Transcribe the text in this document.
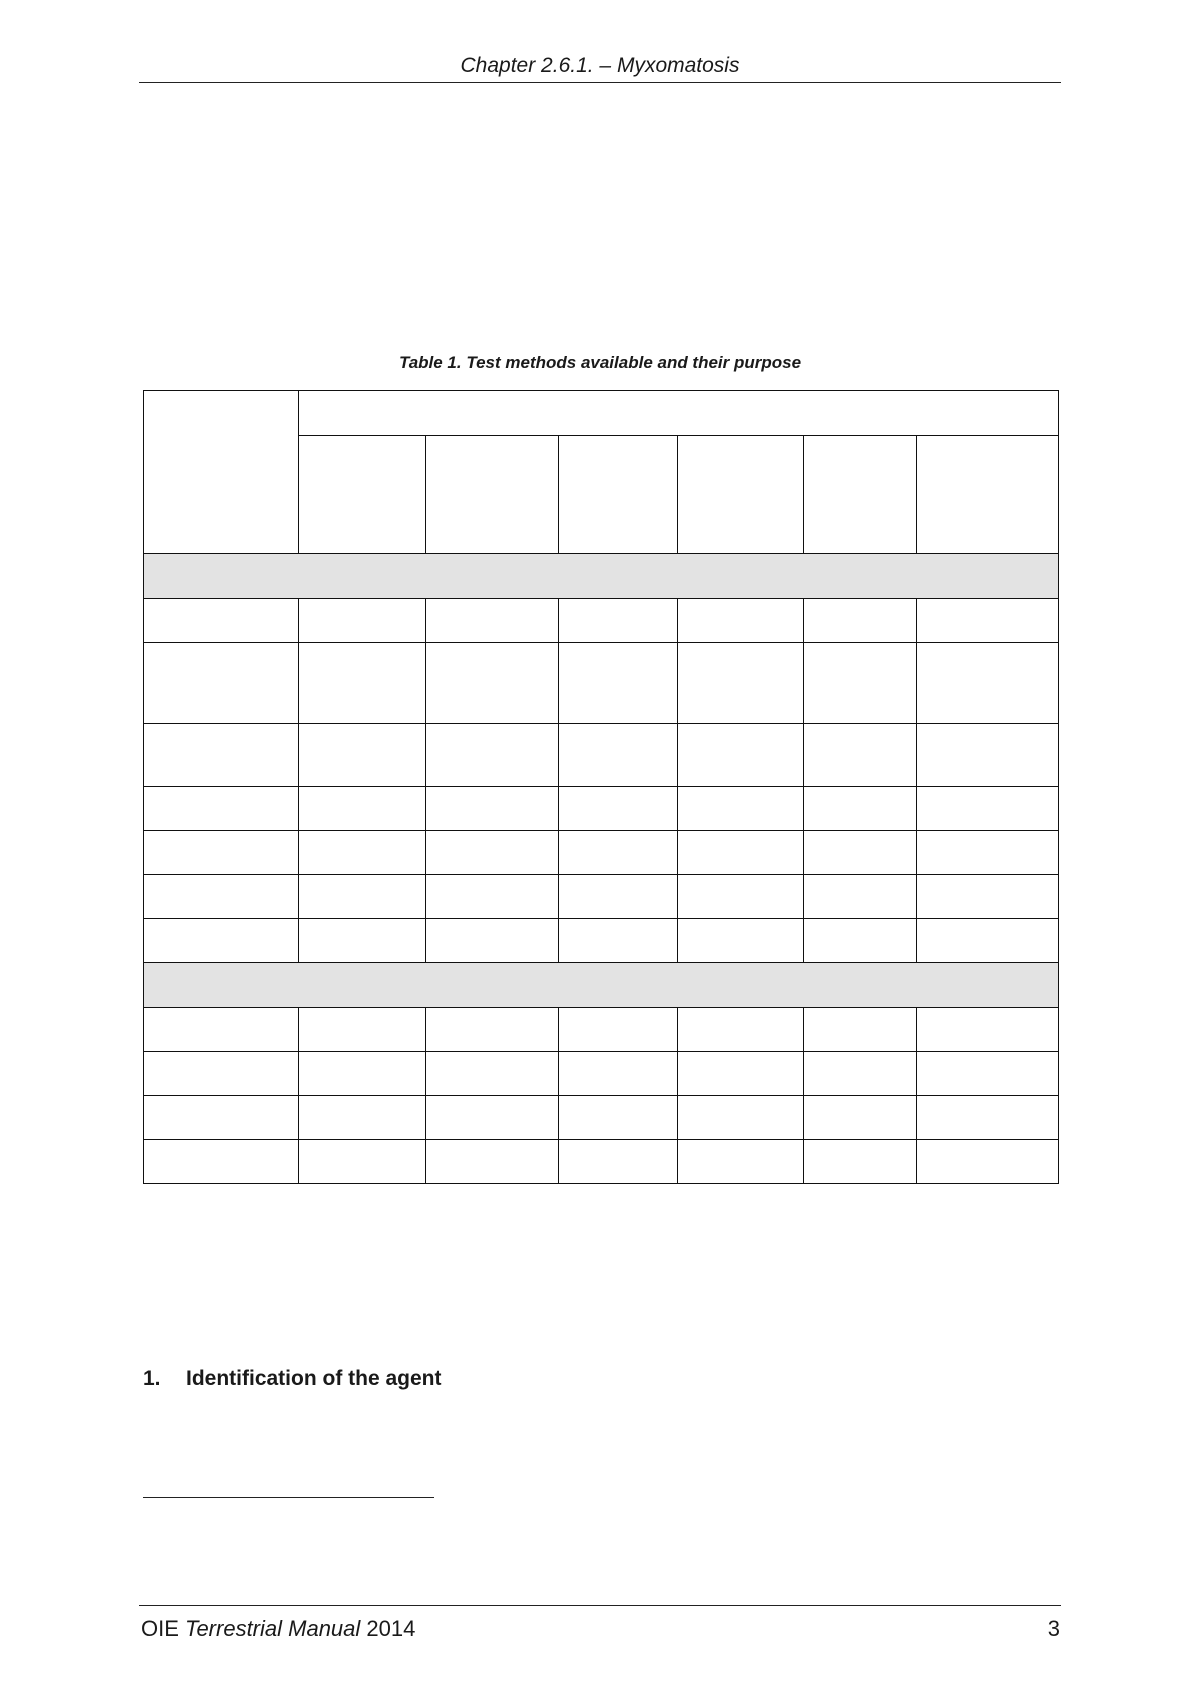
Chapter 2.6.1. – Myxomatosis
Table 1. Test methods available and their purpose

1. Identification of the agent
OIE Terrestrial Manual 2014	3
